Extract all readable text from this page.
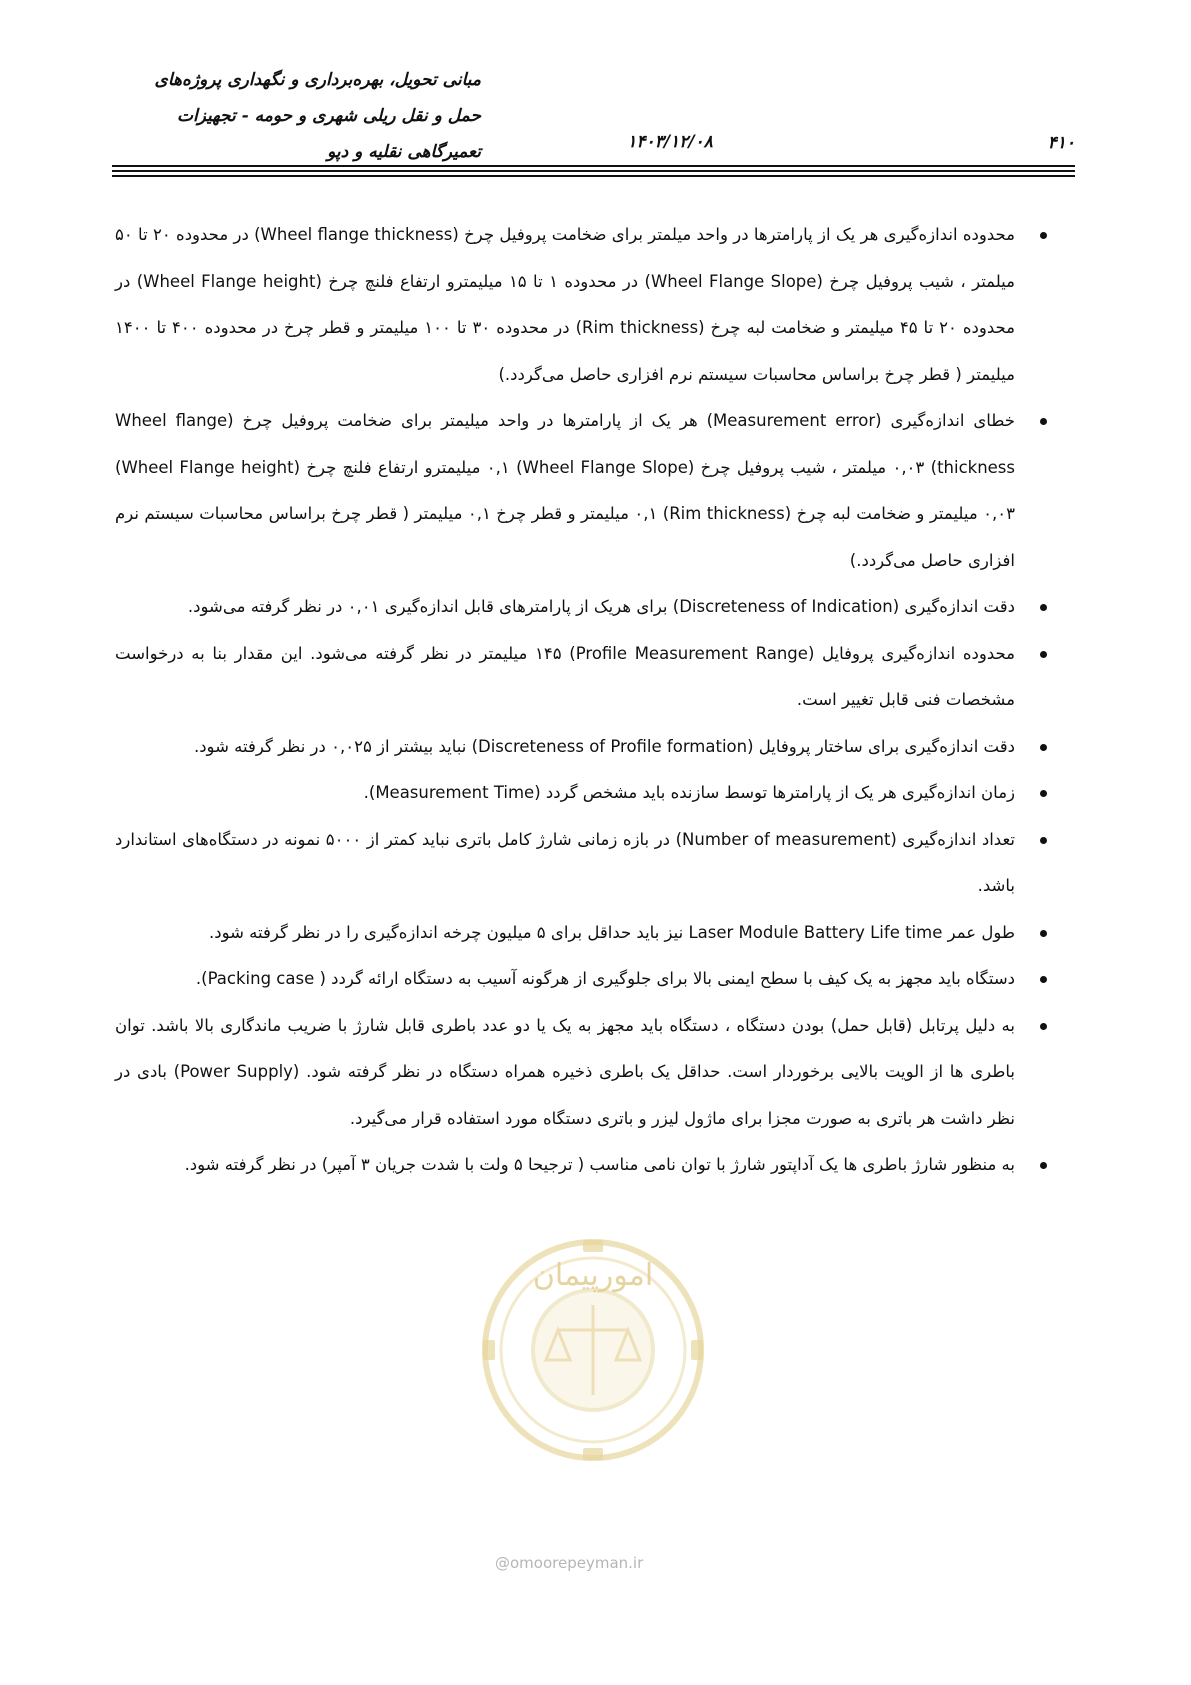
مبانی تحویل، بهره‌برداری و نگهداری پروژه‌های
حمل و نقل ریلی شهری و حومه - تجهیزات
تعمیرگاهی نقلیه و دپو	۱۴۰۳/۱۲/۰۸	۴۱۰
محدوده اندازه‌گیری هر یک از پارامترها در واحد میلمتر برای ضخامت پروفیل چرخ (Wheel flange thickness) در محدوده ۲۰ تا ۵۰ میلمتر ، شیب پروفیل چرخ (Wheel Flange Slope) در محدوده ۱ تا ۱۵ میلیمترو ارتفاع فلنچ چرخ (Wheel Flange height) در محدوده ۲۰ تا ۴۵ میلیمتر و ضخامت لبه چرخ (Rim thickness) در محدوده ۳۰ تا ۱۰۰ میلیمتر و قطر چرخ در محدوده ۴۰۰ تا ۱۴۰۰ میلیمتر ( قطر چرخ براساس محاسبات سیستم نرم افزاری حاصل می‌گردد.)
خطای اندازه‌گیری (Measurement error) هر یک از پارامترها در واحد میلیمتر برای ضخامت پروفیل چرخ (Wheel flange thickness) ۰,۰۳ میلمتر ، شیب پروفیل چرخ (Wheel Flange Slope) ۰,۱ میلیمترو ارتفاع فلنچ چرخ (Wheel Flange height) ۰,۰۳ میلیمتر و ضخامت لبه چرخ (Rim thickness) ۰,۱ میلیمتر و قطر چرخ ۰,۱ میلیمتر ( قطر چرخ براساس محاسبات سیستم نرم افزاری حاصل می‌گردد.)
دقت اندازه‌گیری (Discreteness of Indication) برای هریک از پارامترهای قابل اندازه‌گیری ۰,۰۱ در نظر گرفته می‌شود.
محدوده اندازه‌گیری پروفایل (Profile Measurement Range) ۱۴۵ میلیمتر در نظر گرفته می‌شود. این مقدار بنا به درخواست مشخصات فنی قابل تغییر است.
دقت اندازه‌گیری برای ساختار پروفایل (Discreteness of Profile formation) نباید بیشتر از ۰,۰۲۵ در نظر گرفته شود.
زمان اندازه‌گیری هر یک از پارامترها توسط سازنده باید مشخص گردد (Measurement Time).
تعداد اندازه‌گیری (Number of measurement) در بازه زمانی شارژ کامل باتری نباید کمتر از ۵۰۰۰ نمونه در دستگاه‌های استاندارد باشد.
طول عمر Laser Module Battery Life time نیز باید حداقل برای ۵ میلیون چرخه اندازه‌گیری را در نظر گرفته شود.
دستگاه باید مجهز به یک کیف با سطح ایمنی بالا برای جلوگیری از هرگونه آسیب به دستگاه ارائه گردد ( Packing case).
به دلیل پرتابل (قابل حمل) بودن دستگاه ، دستگاه باید مجهز به یک یا دو عدد باطری قابل شارژ با ضریب ماندگاری بالا باشد. توان باطری ها از الویت بالایی برخوردار است. حداقل یک باطری ذخیره همراه دستگاه در نظر گرفته شود. (Power Supply) بادی در نظر داشت هر باتری به صورت مجزا برای ماژول لیزر و باتری دستگاه مورد استفاده قرار می‌گیرد.
به منظور شارژ باطری ها یک آداپتور شارژ با توان نامی مناسب ( ترجیحا ۵ ولت با شدت جریان ۳ آمپر) در نظر گرفته شود.
امورپیمان
@omoorepeyman.ir
